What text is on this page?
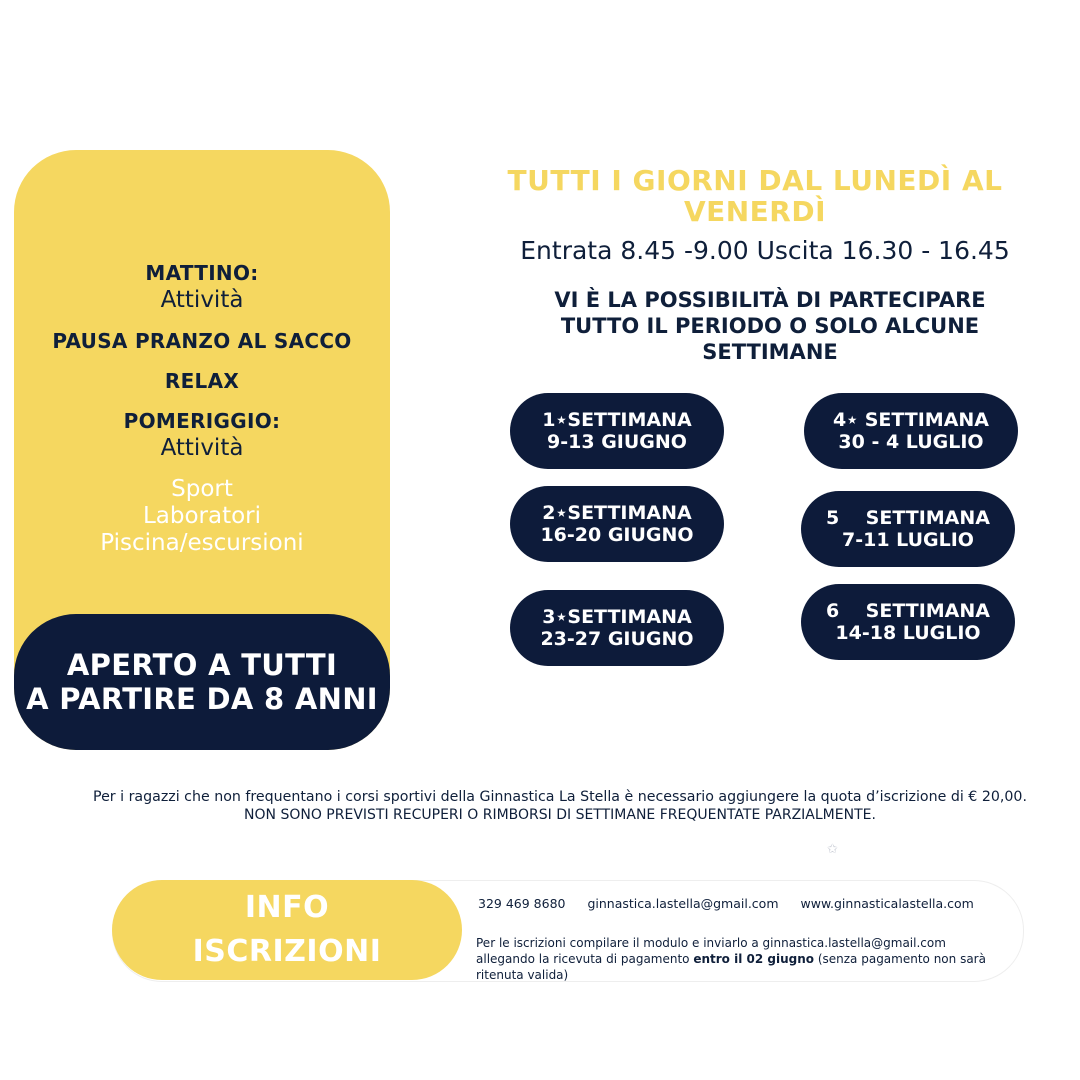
MATTINO:
Attività
PAUSA PRANZO AL SACCO
RELAX
POMERIGGIO:
Attività
Sport
Laboratori
Piscina/escursioni
APERTO A TUTTI
A PARTIRE DA 8 ANNI
TUTTI I GIORNI DAL LUNEDÌ AL VENERDÌ
Entrata 8.45 -9.00 Uscita 16.30 - 16.45
VI È LA POSSIBILITÀ DI PARTECIPARE TUTTO IL PERIODO O SOLO ALCUNE SETTIMANE
1⋆SETTIMANA
9-13 GIUGNO
2⋆SETTIMANA
16-20 GIUGNO
3⋆SETTIMANA
23-27 GIUGNO
4⋆ SETTIMANA
30 - 4 LUGLIO
5    SETTIMANA
7-11 LUGLIO
6    SETTIMANA
14-18 LUGLIO
Per i ragazzi che non frequentano i corsi sportivi della Ginnastica La Stella è necessario aggiungere la quota d’iscrizione di € 20,00.
NON SONO PREVISTI RECUPERI O RIMBORSI DI SETTIMANE FREQUENTATE PARZIALMENTE.
✩
INFO
ISCRIZIONI
329 469 8680 ginnastica.lastella@gmail.com www.ginnasticalastella.com
Per le iscrizioni compilare il modulo e inviarlo a ginnastica.lastella@gmail.com allegando la ricevuta di pagamento entro il 02 giugno (senza pagamento non sarà ritenuta valida)
